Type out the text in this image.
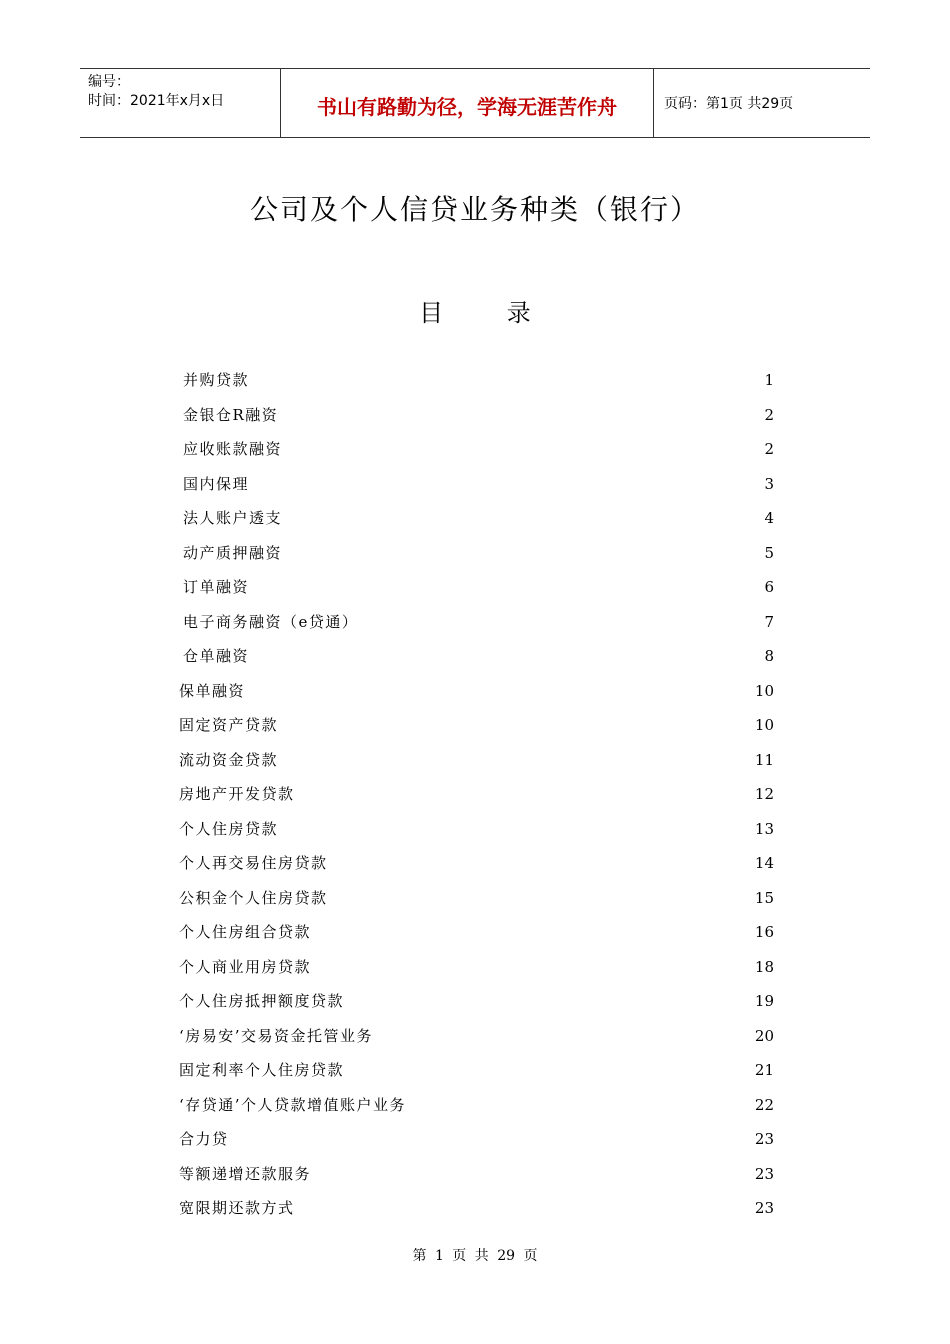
编号：
时间：2021年x月x日	书山有路勤为径，学海无涯苦作舟	页码：第1页 共29页
公司及个人信贷业务种类（银行）
目 录
并购贷款	1
金银仓R融资	2
应收账款融资	2
国内保理	3
法人账户透支	4
动产质押融资	5
订单融资	6
电子商务融资（e贷通）	7
仓单融资	8
保单融资	10
固定资产贷款	10
流动资金贷款	11
房地产开发贷款	12
个人住房贷款	13
个人再交易住房贷款	14
公积金个人住房贷款	15
个人住房组合贷款	16
个人商业用房贷款	18
个人住房抵押额度贷款	19
‘房易安’交易资金托管业务	20
固定利率个人住房贷款	21
‘存贷通’个人贷款增值账户业务	22
合力贷	23
等额递增还款服务	23
宽限期还款方式	23
第 1 页 共 29 页
